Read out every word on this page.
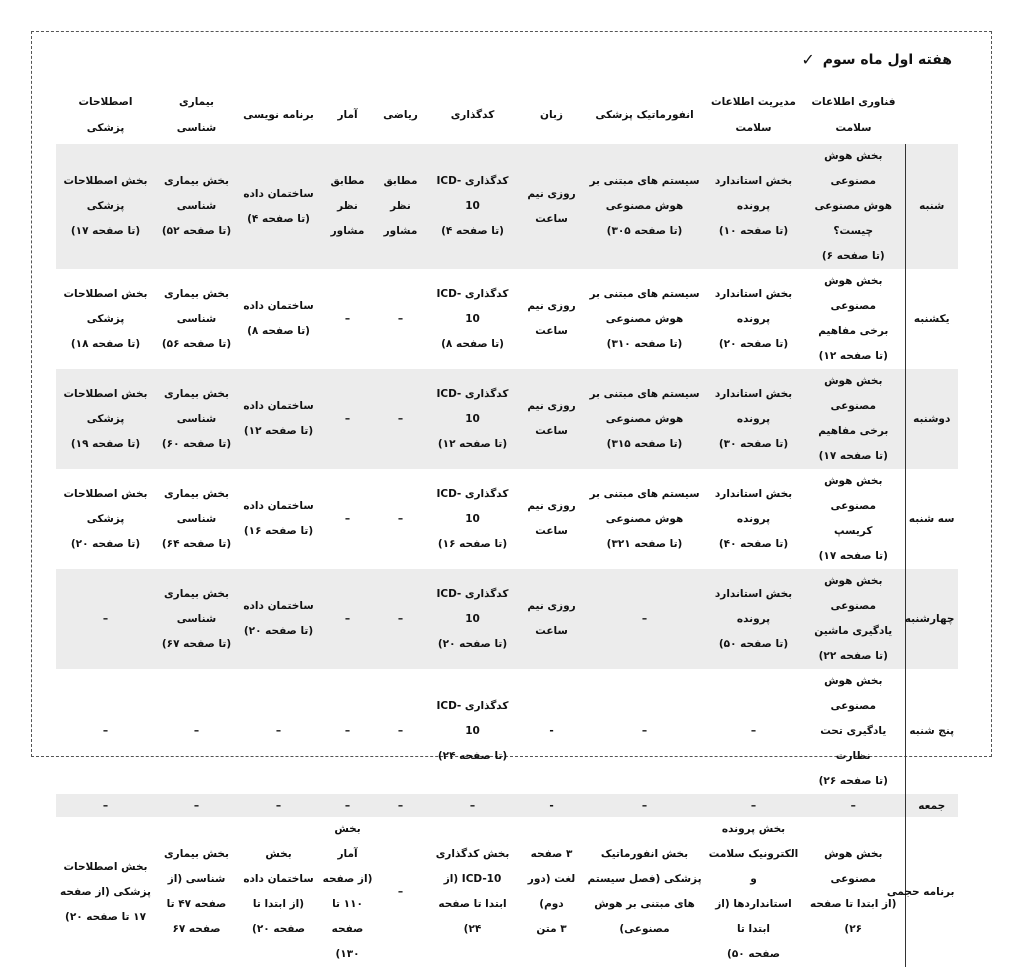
هفته اول ماه سوم
✓
	فناوری اطلاعات سلامت	مدیریت اطلاعات
سلامت	انفورماتیک پزشکی	زبان	کدگذاری	ریاضی	آمار	برنامه نویسی	بیماری شناسی	اصطلاحات
پزشکی
شنبه	بخش هوش مصنوعی
هوش مصنوعی چیست؟
(تا صفحه ۶)	بخش استاندارد پرونده
(تا صفحه ۱۰)	سیستم های مبتنی بر
هوش مصنوعی
(تا صفحه ۳۰۵)	روزی نیم
ساعت	کدگذاری -ICD
10
(تا صفحه ۴)	مطابق
نظر
مشاور	مطابق نظر
مشاور	ساختمان داده
(تا صفحه ۴)	بخش بیماری
شناسی
(تا صفحه ۵۲)	بخش اصطلاحات
پزشکی
(تا صفحه ۱۷)
یکشنبه	بخش هوش مصنوعی
برخی مفاهیم
(تا صفحه ۱۲)	بخش استاندارد پرونده
(تا صفحه ۲۰)	سیستم های مبتنی بر
هوش مصنوعی
(تا صفحه ۳۱۰)	روزی نیم
ساعت	کدگذاری -ICD
10
(تا صفحه ۸)	–	–	ساختمان داده
(تا صفحه ۸)	بخش بیماری
شناسی
(تا صفحه ۵۶)	بخش اصطلاحات
پزشکی
(تا صفحه ۱۸)
دوشنبه	بخش هوش مصنوعی
برخی مفاهیم
(تا صفحه ۱۷)	بخش استاندارد پرونده
(تا صفحه ۳۰)	سیستم های مبتنی بر
هوش مصنوعی
(تا صفحه ۳۱۵)	روزی نیم
ساعت	کدگذاری -ICD
10
(تا صفحه ۱۲)	–	–	ساختمان داده
(تا صفحه ۱۲)	بخش بیماری
شناسی
(تا صفحه ۶۰)	بخش اصطلاحات
پزشکی
(تا صفحه ۱۹)
سه شنبه	بخش هوش مصنوعی
کریسپ
(تا صفحه ۱۷)	بخش استاندارد پرونده
(تا صفحه ۴۰)	سیستم های مبتنی بر
هوش مصنوعی
(تا صفحه ۳۲۱)	روزی نیم
ساعت	کدگذاری -ICD
10
(تا صفحه ۱۶)	–	–	ساختمان داده
(تا صفحه ۱۶)	بخش بیماری
شناسی
(تا صفحه ۶۴)	بخش اصطلاحات
پزشکی
(تا صفحه ۲۰)
چهارشنبه	بخش هوش مصنوعی
یادگیری ماشین
(تا صفحه ۲۲)	بخش استاندارد پرونده
(تا صفحه ۵۰)	–	روزی نیم
ساعت	کدگذاری -ICD
10
(تا صفحه ۲۰)	–	–	ساختمان داده
(تا صفحه ۲۰)	بخش بیماری
شناسی
(تا صفحه ۶۷)	–
پنج شنبه	بخش هوش مصنوعی
یادگیری تحت نظارت
(تا صفحه ۲۶)	–	–	-	کدگذاری -ICD
10
(تا صفحه ۲۴)	–	–	–	–	–
جمعه	–	–	–	-	–	–	–	–	–	–
برنامه حجمی	بخش هوش مصنوعی
(از ابتدا تا صفحه ۲۶)	بخش پرونده
الکترونیک سلامت و
استانداردها (از ابتدا تا
صفحه ۵۰)	بخش انفورماتیک
پزشکی (فصل سیستم
های مبتنی بر هوش
مصنوعی)	۳ صفحه
لغت (دور
دوم)
۳ متن	بخش کدگذاری
ICD-10 (از
ابتدا تا صفحه
۲۴)	–	بخش آمار
(از صفحه
۱۱۰ تا
صفحه ۱۳۰)	بخش
ساختمان داده
(از ابتدا تا
صفحه ۲۰)	بخش بیماری
شناسی (از
صفحه ۴۷ تا
صفحه ۶۷	بخش اصطلاحات
پزشکی (از صفحه
۱۷ تا صفحه ۲۰)
